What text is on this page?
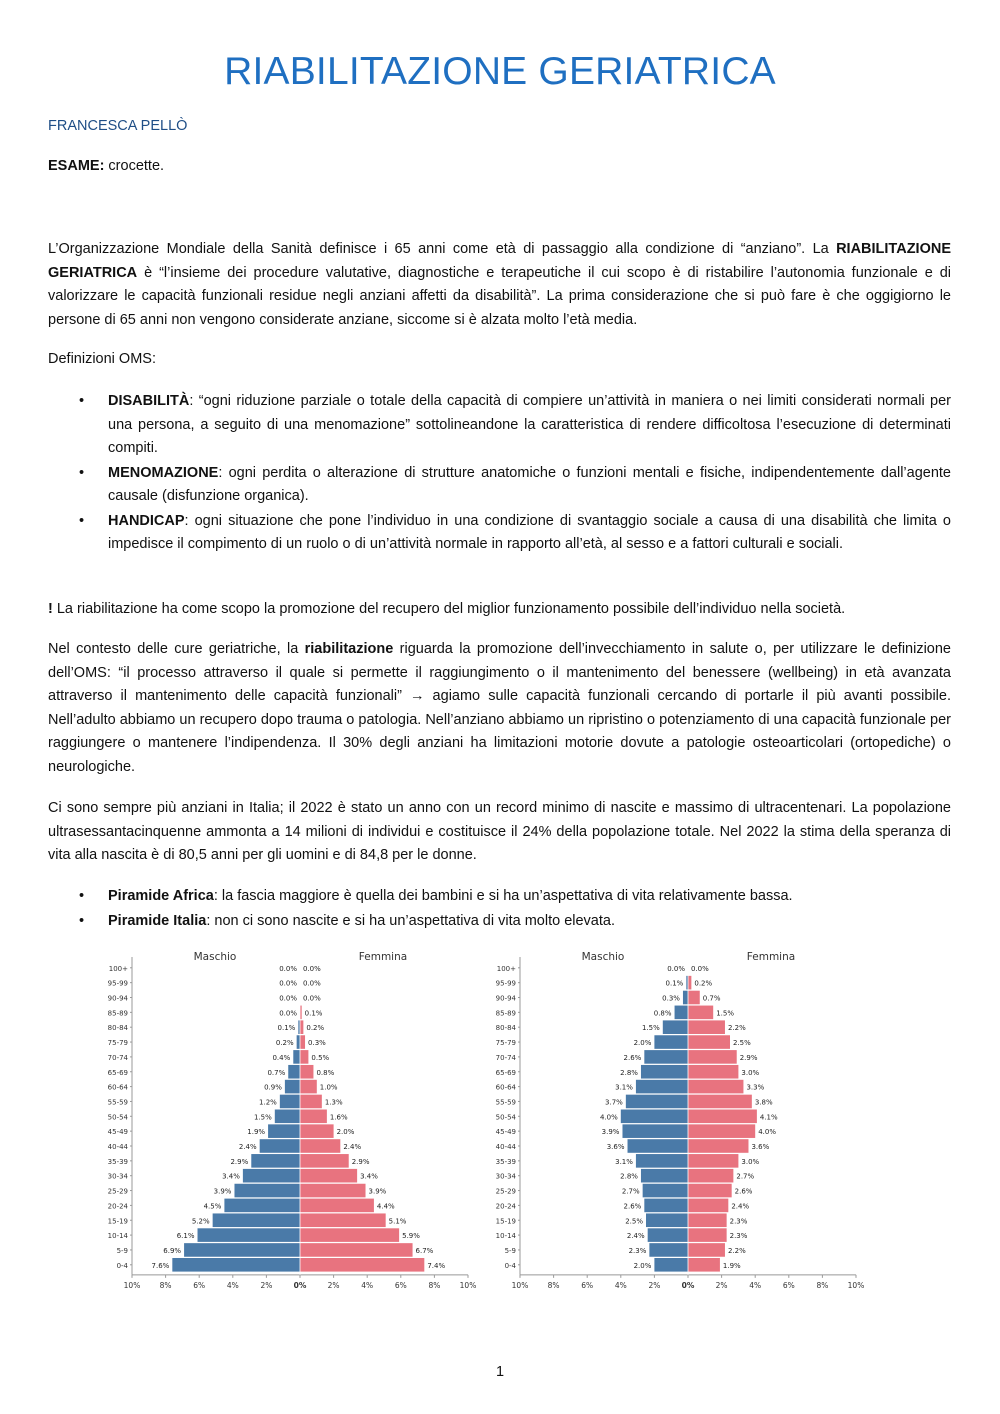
RIABILITAZIONE GERIATRICA
FRANCESCA PELLÒ
ESAME: crocette.

L’Organizzazione Mondiale della Sanità definisce i 65 anni come età di passaggio alla condizione di “anziano”. La RIABILITAZIONE GERIATRICA è “l’insieme dei procedure valutative, diagnostiche e terapeutiche il cui scopo è di ristabilire l’autonomia funzionale e di valorizzare le capacità funzionali residue negli anziani affetti da disabilità”. La prima considerazione che si può fare è che oggigiorno le persone di 65 anni non vengono considerate anziane, siccome si è alzata molto l’età media.

Definizioni OMS:

• DISABILITÀ: “ogni riduzione parziale o totale della capacità di compiere un’attività in maniera o nei limiti considerati normali per una persona, a seguito di una menomazione” sottolineandone la caratteristica di rendere difficoltosa l’esecuzione di determinati compiti.
• MENOMAZIONE: ogni perdita o alterazione di strutture anatomiche o funzioni mentali e fisiche, indipendentemente dall’agente causale (disfunzione organica).
• HANDICAP: ogni situazione che pone l’individuo in una condizione di svantaggio sociale a causa di una disabilità che limita o impedisce il compimento di un ruolo o di un’attività normale in rapporto all’età, al sesso e a fattori culturali e sociali.

! La riabilitazione ha come scopo la promozione del recupero del miglior funzionamento possibile dell’individuo nella società.

Nel contesto delle cure geriatriche, la riabilitazione riguarda la promozione dell’invecchiamento in salute o, per utilizzare le definizione dell’OMS: “il processo attraverso il quale si permette il raggiungimento o il mantenimento del benessere (wellbeing) in età avanzata attraverso il mantenimento delle capacità funzionali” → agiamo sulle capacità funzionali cercando di portarle il più avanti possibile. Nell’adulto abbiamo un recupero dopo trauma o patologia. Nell’anziano abbiamo un ripristino o potenziamento di una capacità funzionale per raggiungere o mantenere l’indipendenza. Il 30% degli anziani ha limitazioni motorie dovute a patologie osteoarticolari (ortopediche) o neurologiche.

Ci sono sempre più anziani in Italia; il 2022 è stato un anno con un record minimo di nascite e massimo di ultracentenari. La popolazione ultrasessantacinquenne ammonta a 14 milioni di individui e costituisce il 24% della popolazione totale. Nel 2022 la stima della speranza di vita alla nascita è di 80,5 anni per gli uomini e di 84,8 per le donne.

• Piramide Africa: la fascia maggiore è quella dei bambini e si ha un’aspettativa di vita relativamente bassa.
• Piramide Italia: non ci sono nascite e si ha un’aspettativa di vita molto elevata.
Maschio	Femmina
100+	0.0% 0.0%
95-99	0.0% 0.0%
90-94	0.0% 0.0%
85-89	0.0% 0.1%
80-84	0.1% 0.2%
75-79	0.2% 0.3%
70-74	0.4%	0.5%
65-69	0.7%	0.8%
60-64	0.9%	1.0%
55-59	1.2%	1.3%
50-54	1.5%	1.6%
45-49	1.9%	2.0%
40-44	2.4%	2.4%
35-39	2.9%	2.9%
30-34	3.4%	3.4%
25-29	3.9%	3.9%
20-24	4.5%	4.4%
15-19	5.2%	5.1%
10-14	6.1%	5.9%
5-9	6.9%	6.7%
0-4	7.6%	7.4%
10%	8%	6%	4%	2%	0%	2%	4%	6%	8%	10%
Maschio	Femmina
100+	0.0% 0.0%
95-99	0.1% 0.2%
90-94	0.3%	0.7%
85-89	0.8%	1.5%
80-84	1.5%	2.2%
75-79	2.0%	2.5%
70-74	2.6%	2.9%
65-69	2.8%	3.0%
60-64	3.1%	3.3%
55-59	3.7%	3.8%
50-54	4.0%	4.1%
45-49	3.9%	4.0%
40-44	3.6%	3.6%
35-39	3.1%	3.0%
30-34	2.8%	2.7%
25-29	2.7%	2.6%
20-24	2.6%	2.4%
15-19	2.5%	2.3%
10-14	2.4%	2.3%
5-9	2.3%	2.2%
0-4	2.0%	1.9%
10%	8%	6%	4%	2%	0%	2%	4%	6%	8%	10%
1
